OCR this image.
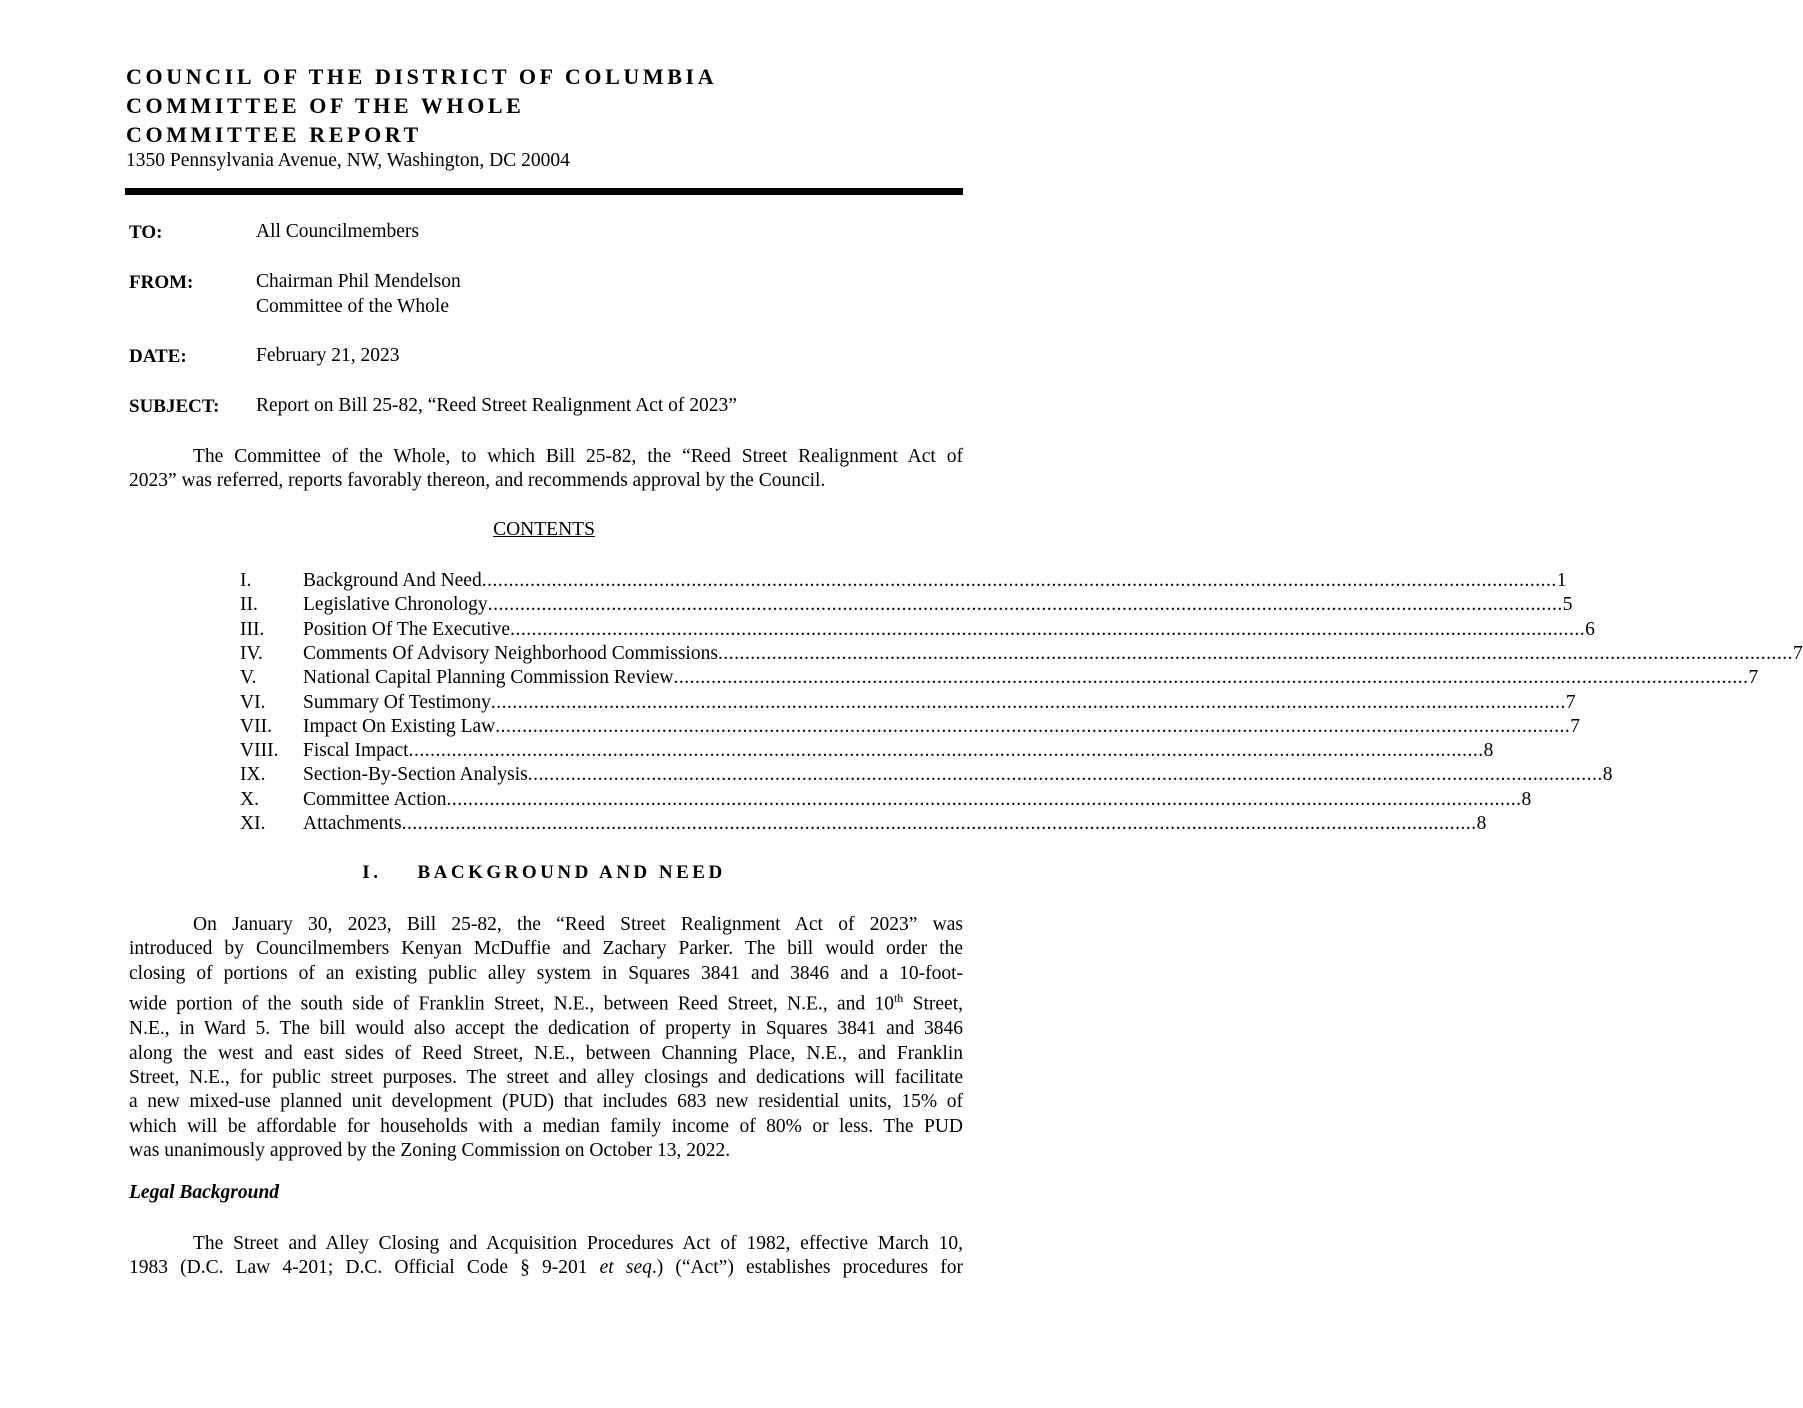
COUNCIL OF THE DISTRICT OF COLUMBIA
COMMITTEE OF THE WHOLE
COMMITTEE REPORT
1350 Pennsylvania Avenue, NW, Washington, DC 20004
TO:	All Councilmembers
FROM:	Chairman Phil Mendelson
Committee of the Whole
DATE:	February 21, 2023
SUBJECT: Report on Bill 25-82, “Reed Street Realignment Act of 2023”
The Committee of the Whole, to which Bill 25-82, the “Reed Street Realignment Act of
2023” was referred, reports favorably thereon, and recommends approval by the Council.
CONTENTS
I.	Background And Need ........................................................................................................................................................................................................ 1
II. Legislative Chronology ........................................................................................................................................................................................................ 5
III. Position Of The Executive ........................................................................................................................................................................................................ 6
IV. Comments Of Advisory Neighborhood Commissions ........................................................................................................................................................................................................ 7
V. National Capital Planning Commission Review ........................................................................................................................................................................................................ 7
VI. Summary Of Testimony ........................................................................................................................................................................................................ 7
VII. Impact On Existing Law ........................................................................................................................................................................................................ 7
VIII. Fiscal Impact ........................................................................................................................................................................................................ 8
IX. Section-By-Section Analysis ........................................................................................................................................................................................................ 8
X. Committee Action ........................................................................................................................................................................................................ 8
XI. Attachments ........................................................................................................................................................................................................ 8
I. BACKGROUND AND NEED
On January 30, 2023, Bill 25-82, the “Reed Street Realignment Act of 2023” was
introduced by Councilmembers Kenyan McDuffie and Zachary Parker. The bill would order the
closing of portions of an existing public alley system in Squares 3841 and 3846 and a 10-foot-
wide portion of the south side of Franklin Street, N.E., between Reed Street, N.E., and 10th Street,
N.E., in Ward 5. The bill would also accept the dedication of property in Squares 3841 and 3846
along the west and east sides of Reed Street, N.E., between Channing Place, N.E., and Franklin
Street, N.E., for public street purposes. The street and alley closings and dedications will facilitate
a new mixed-use planned unit development (PUD) that includes 683 new residential units, 15% of
which will be affordable for households with a median family income of 80% or less. The PUD
was unanimously approved by the Zoning Commission on October 13, 2022.
Legal Background
The Street and Alley Closing and Acquisition Procedures Act of 1982, effective March 10,
1983 (D.C. Law 4-201; D.C. Official Code § 9-201 et seq.) (“Act”) establishes procedures for
